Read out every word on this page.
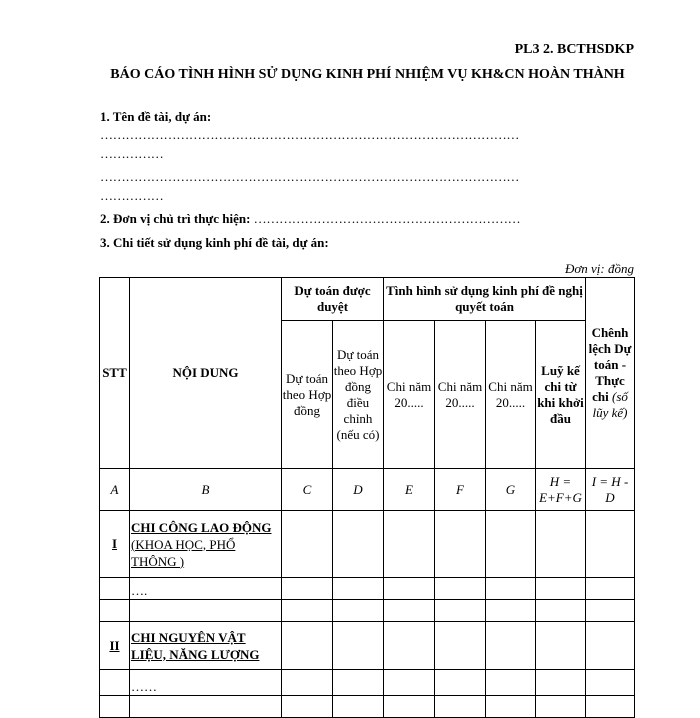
PL3 2. BCTHSDKP
BÁO CÁO TÌNH HÌNH SỬ DỤNG KINH PHÍ NHIỆM VỤ KH&CN HOÀN THÀNH
1. Tên đề tài, dự án:
………………………………………………………………………………………
……………
………………………………………………………………………………………
……………
2. Đơn vị chủ trì thực hiện: ………………………………………………………
3. Chi tiết sử dụng kinh phí đề tài, dự án:
Đơn vị: đồng
STT	NỘI DUNG	Dự toán được duyệt		Tình hình sử dụng kinh phí đề nghị quyết toán				Chênh lệch Dự toán - Thực chi (số lũy kế)
		Dự toán theo Hợp đồng	Dự toán theo Hợp đồng điều chỉnh (nếu có)	Chi năm 20.....	Chi năm 20.....	Chi năm 20.....	Luỹ kế chi từ khi khởi đầu	
A	B	C	D	E	F	G	H = E+F+G	I = H - D
I	CHI CÔNG LAO ĐỘNG (KHOA HỌC, PHỔ THÔNG )							
	….							

II	CHI NGUYÊN VẬT LIỆU, NĂNG LƯỢNG							
	……							
